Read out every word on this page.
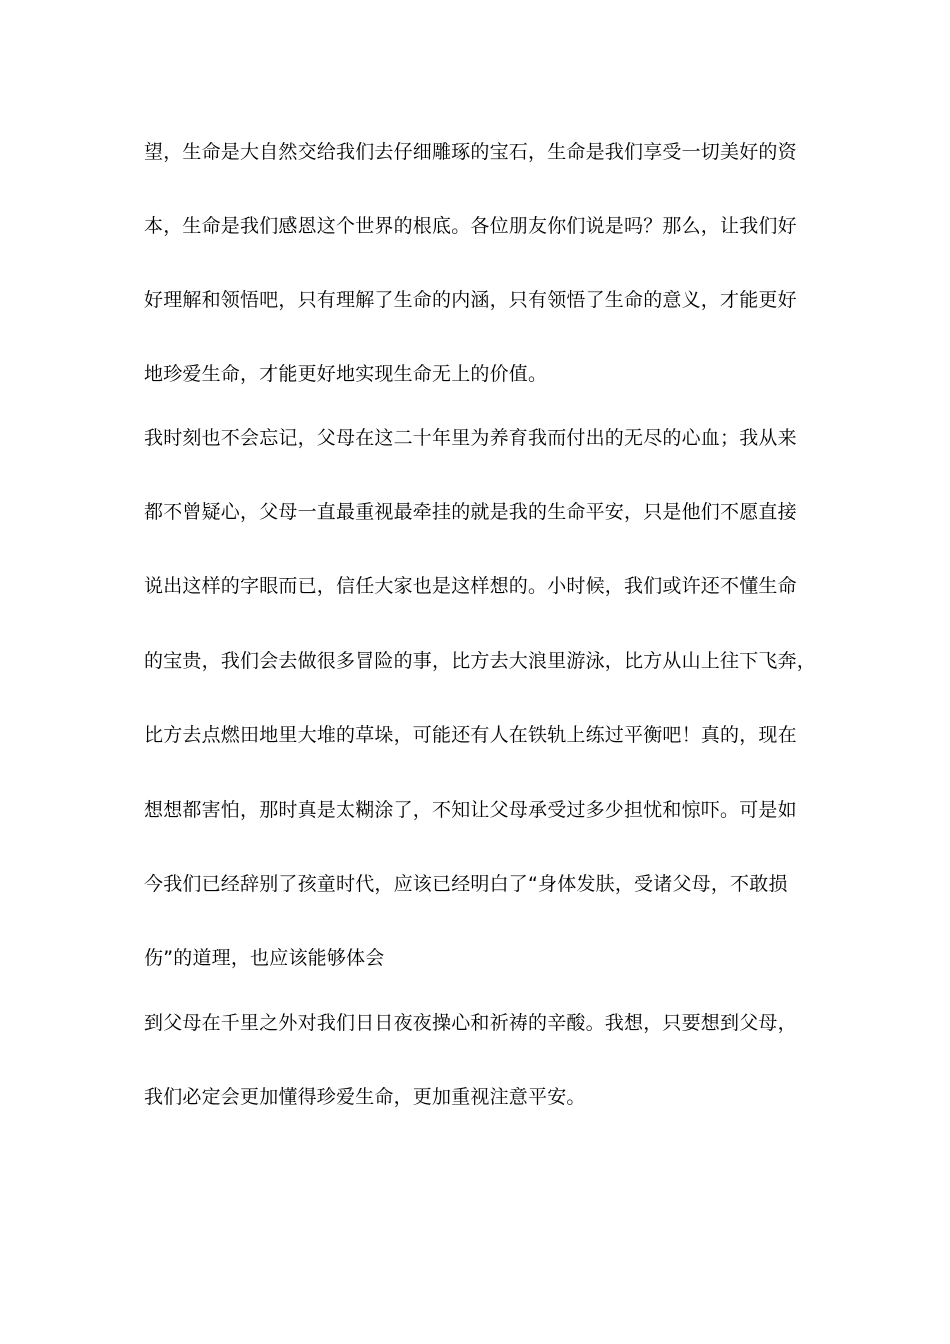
望，生命是大自然交给我们去仔细雕琢的宝石，生命是我们享受一切美好的资
本，生命是我们感恩这个世界的根底。各位朋友你们说是吗？那么，让我们好
好理解和领悟吧，只有理解了生命的内涵，只有领悟了生命的意义，才能更好
地珍爱生命，才能更好地实现生命无上的价值。
我时刻也不会忘记，父母在这二十年里为养育我而付出的无尽的心血；我从来
都不曾疑心，父母一直最重视最牵挂的就是我的生命平安，只是他们不愿直接
说出这样的字眼而已，信任大家也是这样想的。小时候，我们或许还不懂生命
的宝贵，我们会去做很多冒险的事，比方去大浪里游泳，比方从山上往下飞奔，
比方去点燃田地里大堆的草垛，可能还有人在铁轨上练过平衡吧！真的，现在
想想都害怕，那时真是太糊涂了，不知让父母承受过多少担忧和惊吓。可是如
今我们已经辞别了孩童时代，应该已经明白了“身体发肤，受诸父母，不敢损
伤”的道理，也应该能够体会
到父母在千里之外对我们日日夜夜操心和祈祷的辛酸。我想，只要想到父母，
我们必定会更加懂得珍爱生命，更加重视注意平安。
